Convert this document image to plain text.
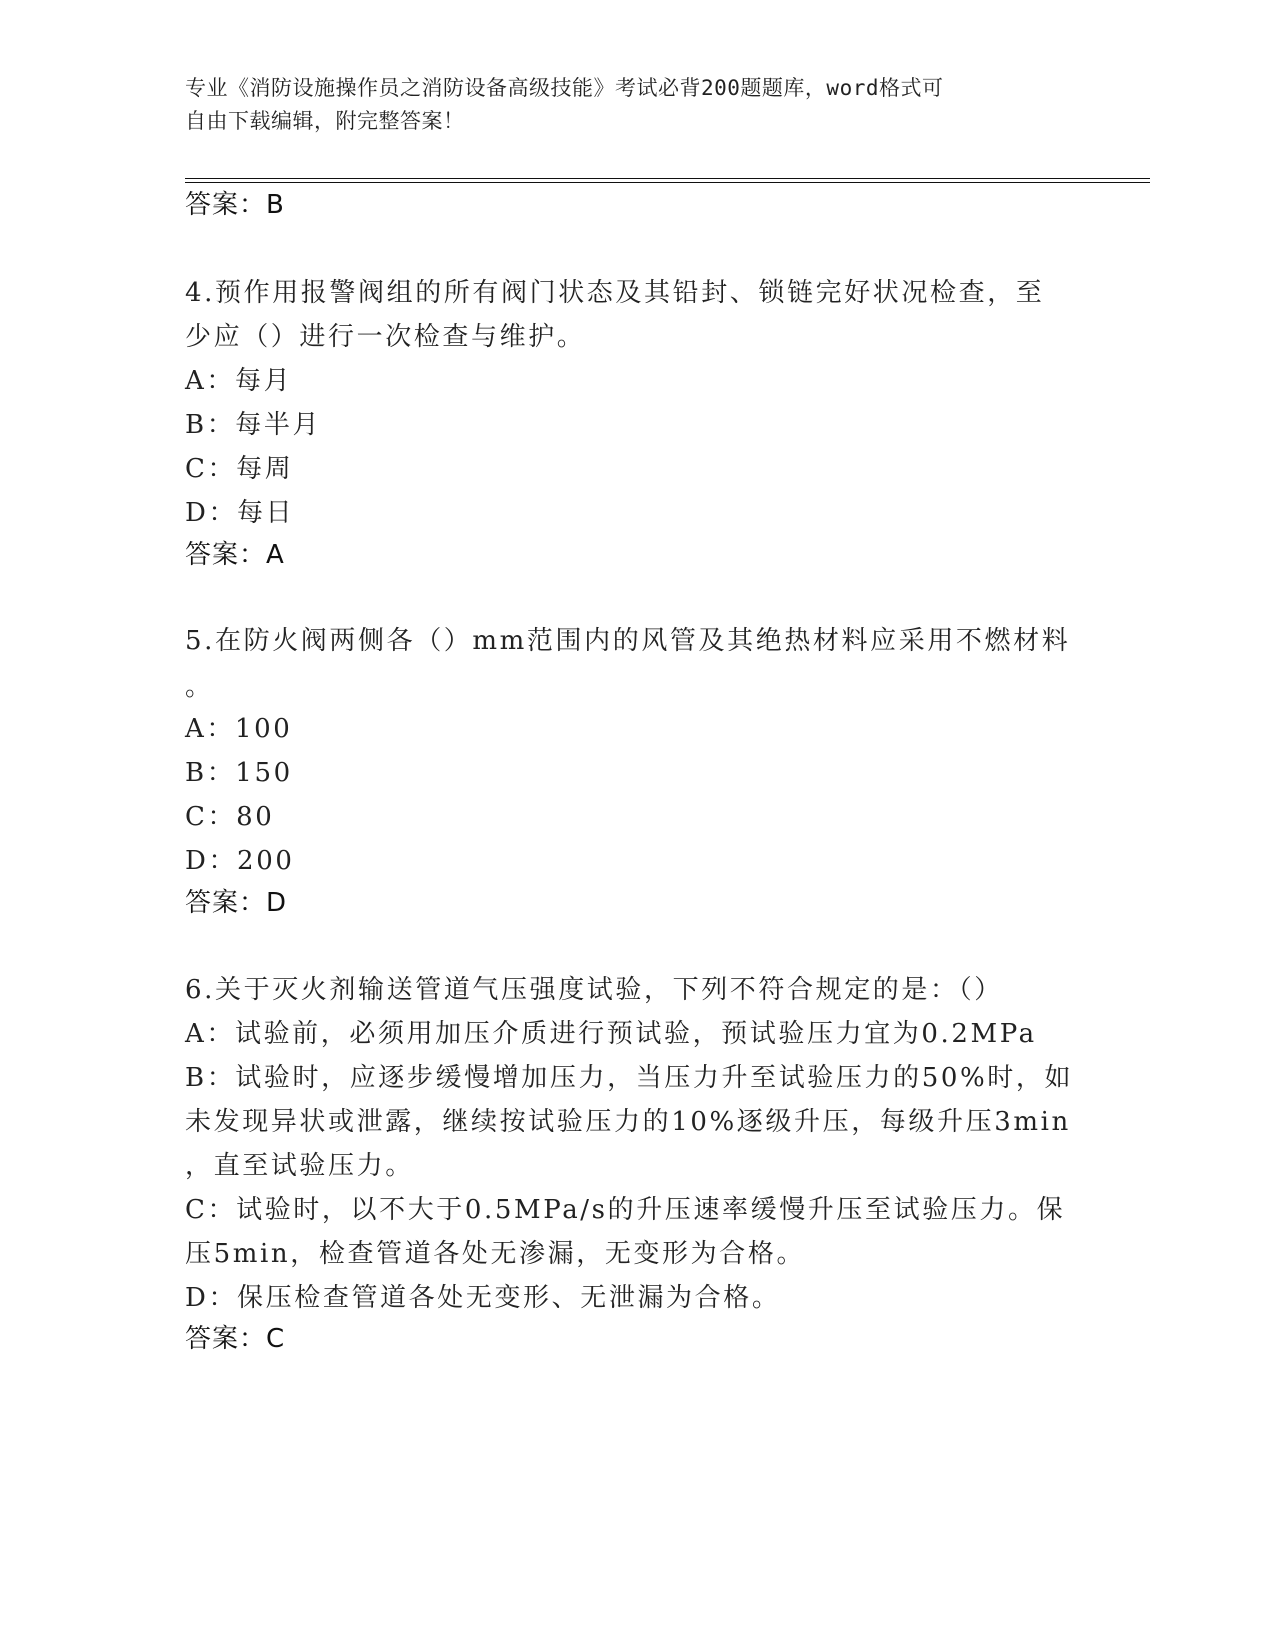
专业《消防设施操作员之消防设备高级技能》考试必背200题题库，word格式可
自由下载编辑，附完整答案！
答案：B
4.预作用报警阀组的所有阀门状态及其铅封、锁链完好状况检查，至
少应（）进行一次检查与维护。
A：每月
B：每半月
C：每周
D：每日
答案：A
5.在防火阀两侧各（）mm范围内的风管及其绝热材料应采用不燃材料
。
A：100
B：150
C：80
D：200
答案：D
6.关于灭火剂输送管道气压强度试验，下列不符合规定的是：（）
A：试验前，必须用加压介质进行预试验，预试验压力宜为0.2MPa
B：试验时，应逐步缓慢增加压力，当压力升至试验压力的50%时，如
未发现异状或泄露，继续按试验压力的10%逐级升压，每级升压3min
，直至试验压力。
C：试验时，以不大于0.5MPa/s的升压速率缓慢升压至试验压力。保
压5min，检查管道各处无渗漏，无变形为合格。
D：保压检查管道各处无变形、无泄漏为合格。
答案：C
